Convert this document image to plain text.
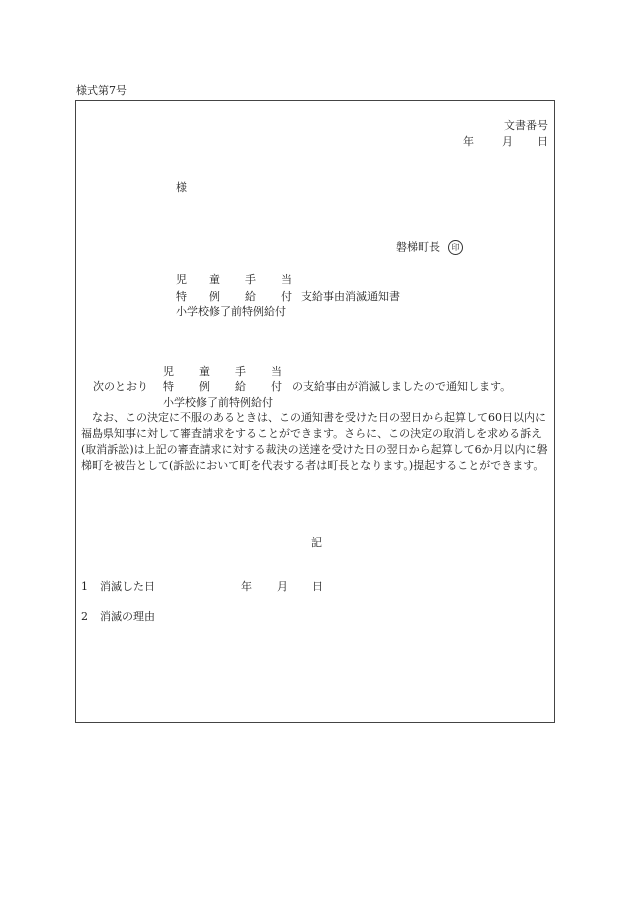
様式第7号
文書番号
年	月 日
様
磐梯町長 印
児 童 手 当
特 例 給 付 支給事由消滅通知書
小学校修了前特例給付
児 童 手 当
次のとおり 特 例 給 付 の支給事由が消滅しましたので通知します。
小学校修了前特例給付
なお、この決定に不服のあるときは、この通知書を受けた日の翌日から起算して60日以内に福島県知事に対して審査請求をすることができます。さらに、この決定の取消しを求める訴え(取消訴訟)は上記の審査請求に対する裁決の送達を受けた日の翌日から起算して6か月以内に磐梯町を被告として(訴訟において町を代表する者は町長となります。)提起することができます。
記
1 消滅した日	年 月 日
2 消滅の理由
